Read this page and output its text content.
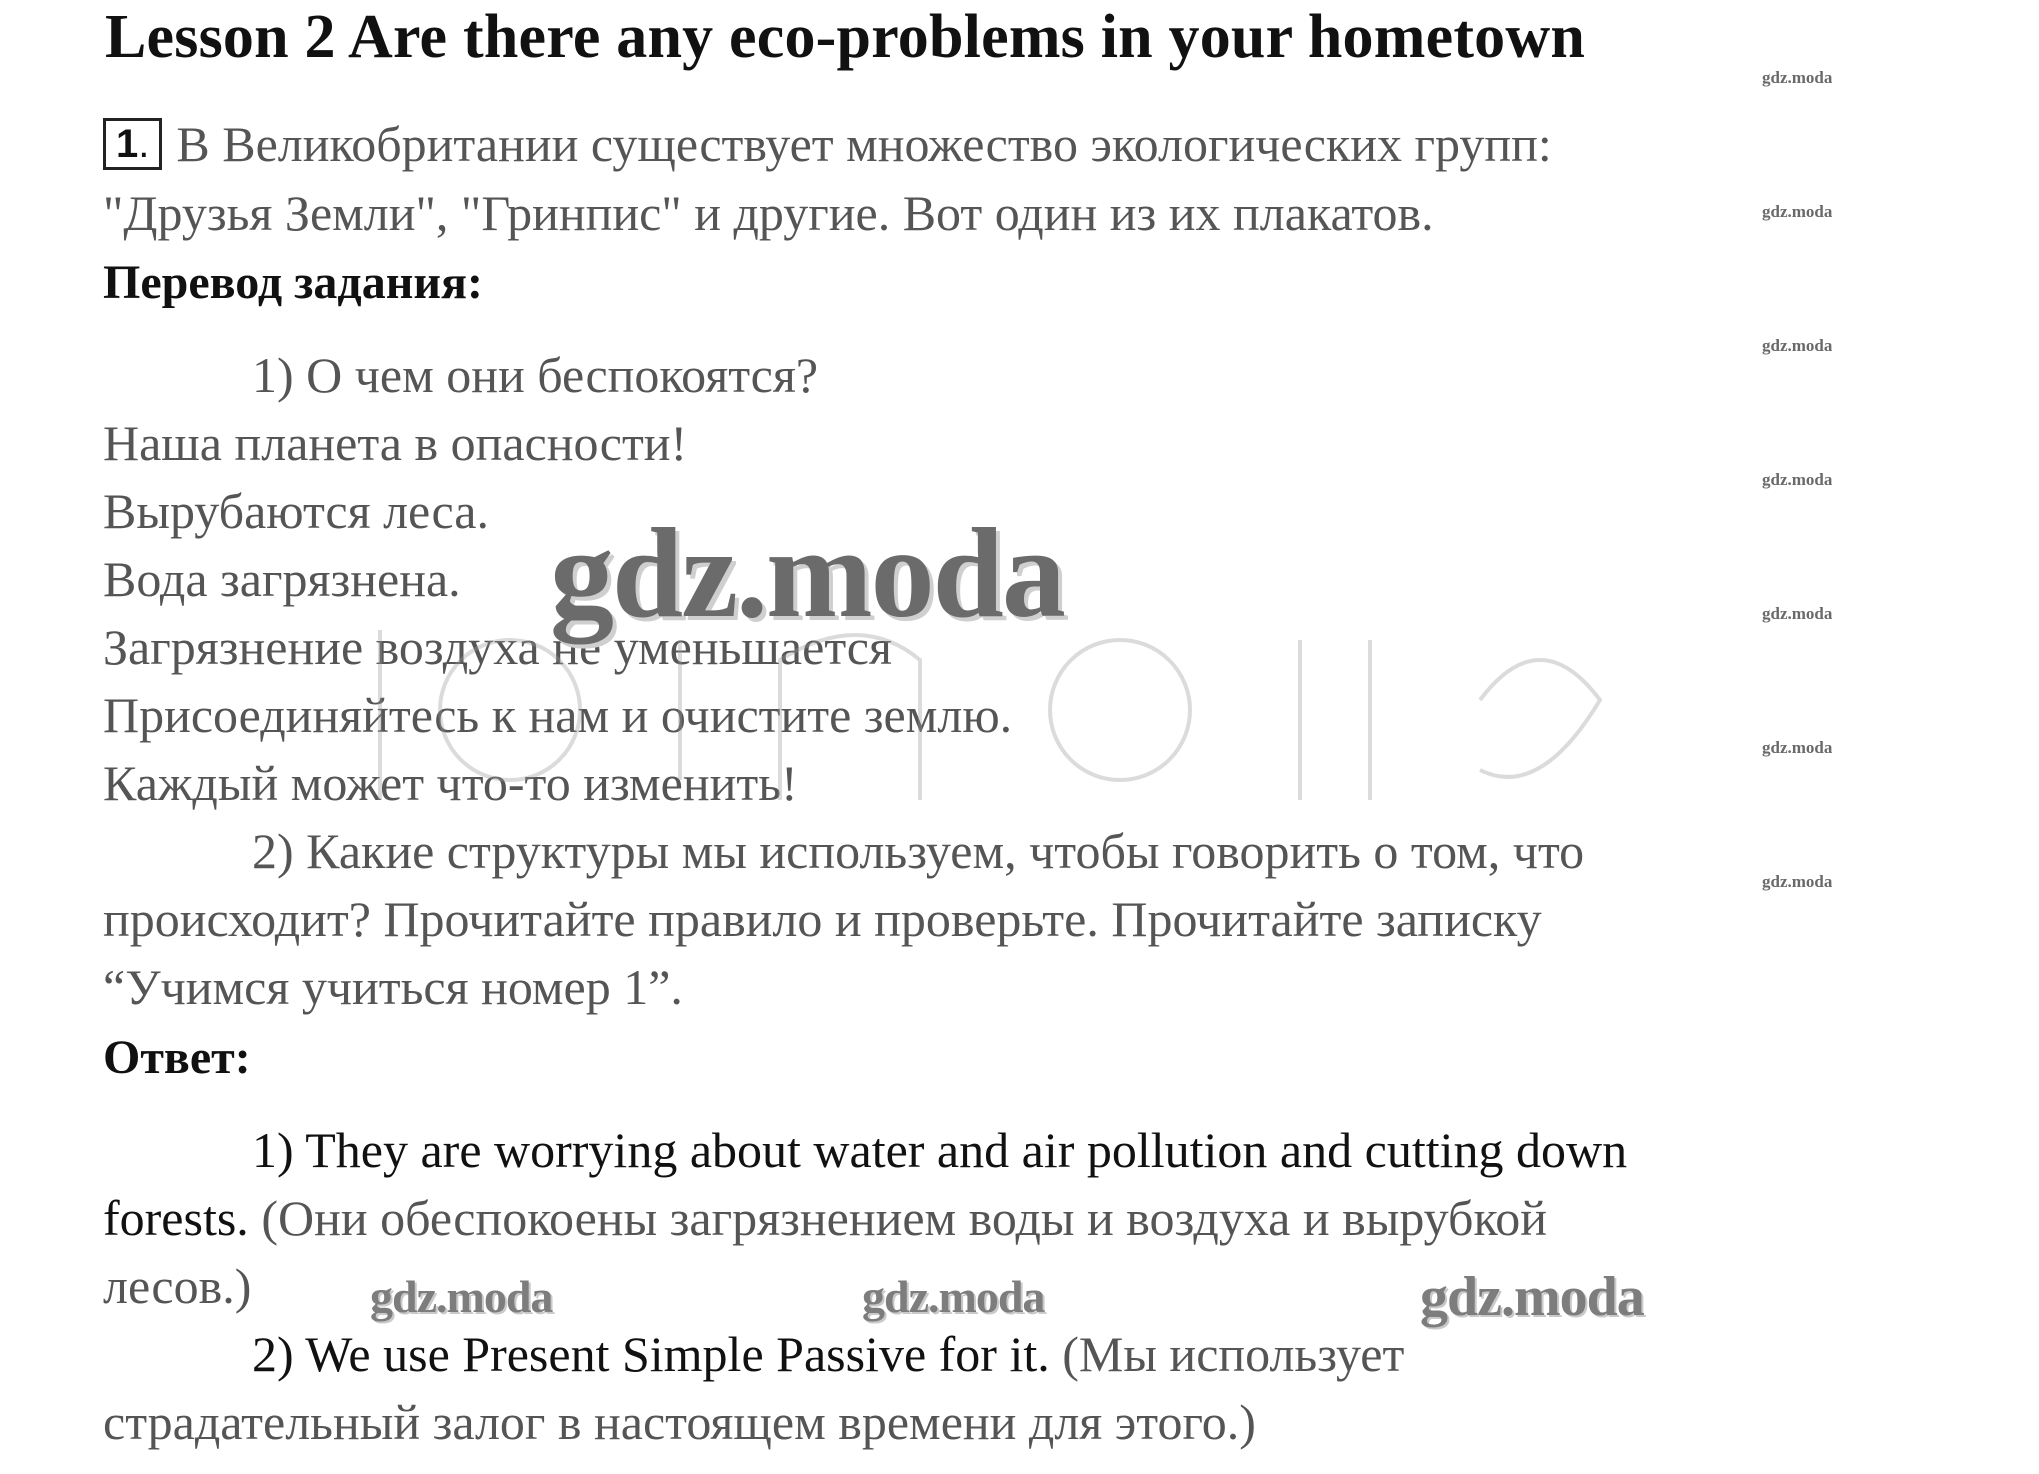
Lesson 2 Are there any eco-problems in your hometown
1. В Великобритании существует множество экологических групп:
"Друзья Земли", "Гринпис" и другие. Вот один из их плакатов.
Перевод задания:
1) О чем они беспокоятся?
Наша планета в опасности!
Вырубаются леса.
Вода загрязнена.
Загрязнение воздуха не уменьшается
Присоединяйтесь к нам и очистите землю.
Каждый может что-то изменить!
2) Какие структуры мы используем, чтобы говорить о том, что
происходит? Прочитайте правило и проверьте. Прочитайте записку
“Учимся учиться номер 1”.
Ответ:
1) They are worrying about water and air pollution and cutting down
forests. (Они обеспокоены загрязнением воды и воздуха и вырубкой
лесов.)
2) We use Present Simple Passive for it. (Мы использует
страдательный залог в настоящем времени для этого.)
gdz.moda
gdz.moda
gdz.moda
gdz.moda
gdz.moda
gdz.moda
gdz.moda
gdz.moda
gdz.moda	gdz.moda	gdz.moda
